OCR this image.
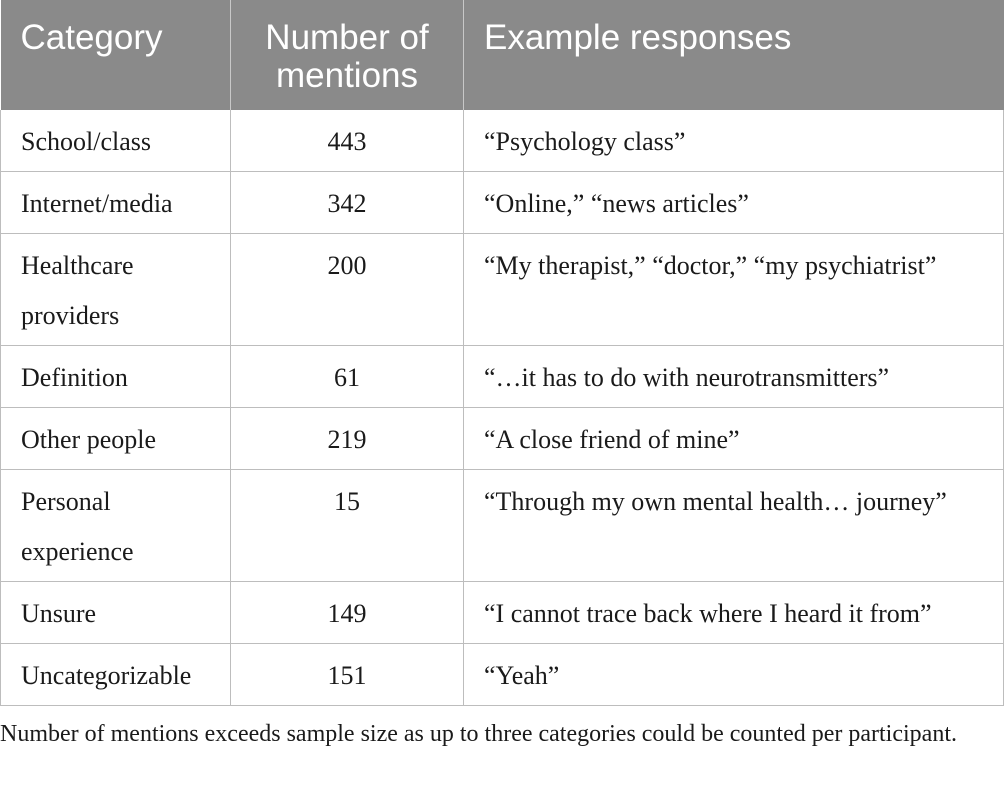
Category	Number of mentions	Example responses
School/class	443	“Psychology class”
Internet/media	342	“Online,” “news articles”
Healthcare providers	200	“My therapist,” “doctor,” “my psychiatrist”
Definition	61	“…it has to do with neurotransmitters”
Other people	219	“A close friend of mine”
Personal experience	15	“Through my own mental health… journey”
Unsure	149	“I cannot trace back where I heard it from”
Uncategorizable	151	“Yeah”

Number of mentions exceeds sample size as up to three categories could be counted per participant.
